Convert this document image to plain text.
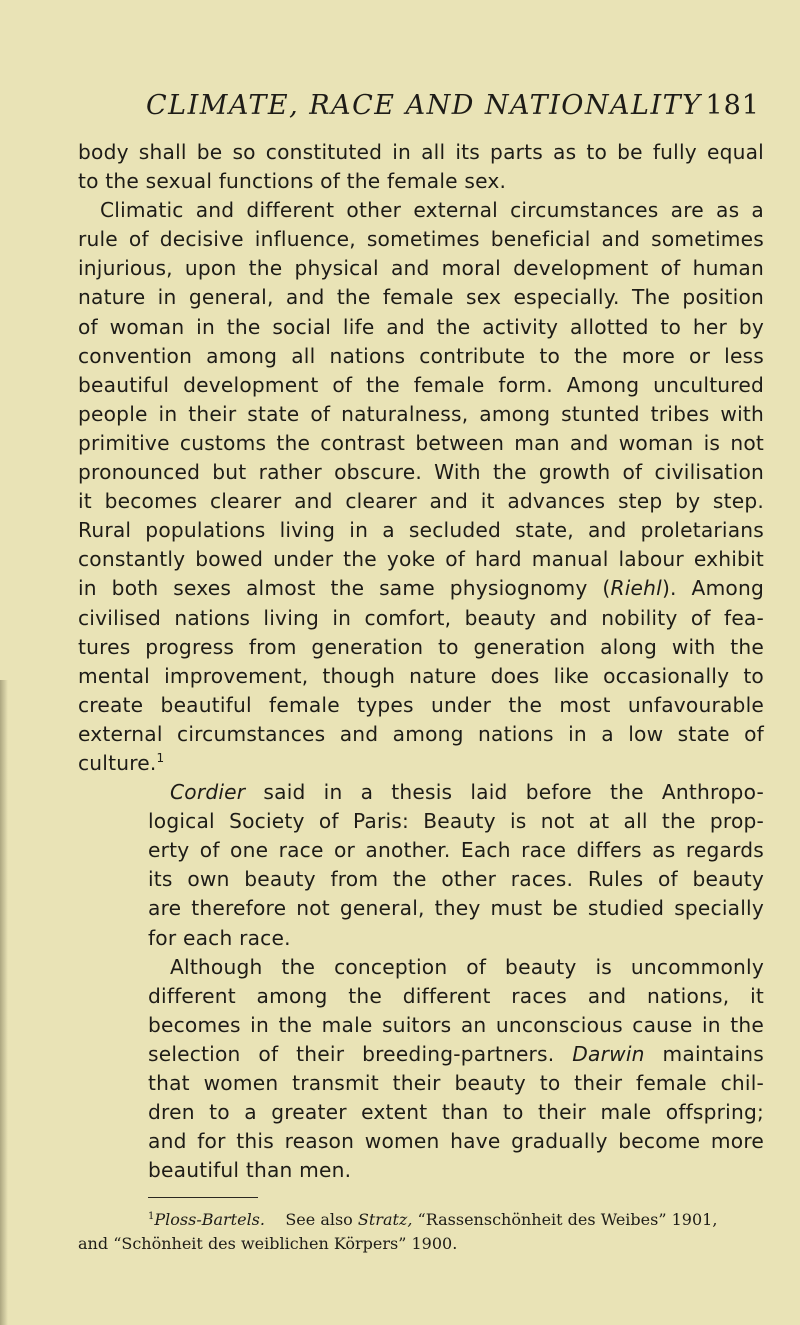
CLIMATE, RACE AND NATIONALITY 181

body shall be so constituted in all its parts as to be fully equal

to the sexual functions of the female sex.

Climatic and different other external circumstances are as a

rule of decisive influence, sometimes beneficial and sometimes

injurious, upon the physical and moral development of human

nature in general, and the female sex especially. The position

of woman in the social life and the activity allotted to her by

convention among all nations contribute to the more or less

beautiful development of the female form. Among uncultured

people in their state of naturalness, among stunted tribes with

primitive customs the contrast between man and woman is not

pronounced but rather obscure. With the growth of civilisation

it becomes clearer and clearer and it advances step by step.

Rural populations living in a secluded state, and proletarians

constantly bowed under the yoke of hard manual labour exhibit

in both sexes almost the same physiognomy (Riehl). Among

civilised nations living in comfort, beauty and nobility of fea-

tures progress from generation to generation along with the

mental improvement, though nature does like occasionally to

create beautiful female types under the most unfavourable

external circumstances and among nations in a low state of

culture.$^1$

Cordier said in a thesis laid before the Anthropo-

logical Society of Paris: Beauty is not at all the prop-

erty of one race or another. Each race differs as regards

its own beauty from the other races. Rules of beauty

are therefore not general, they must be studied specially

for each race.

Although the conception of beauty is uncommonly

different among the different races and nations, it

becomes in the male suitors an unconscious cause in the

selection of their breeding-partners. Darwin maintains

that women transmit their beauty to their female chil-

dren to a greater extent than to their male offspring;

and for this reason women have gradually become more

beautiful than men.

$^1$Ploss-Bartels. See also Stratz, “Rassenschönheit des Weibes” 1901,
and “Schönheit des weiblichen Körpers” 1900.
